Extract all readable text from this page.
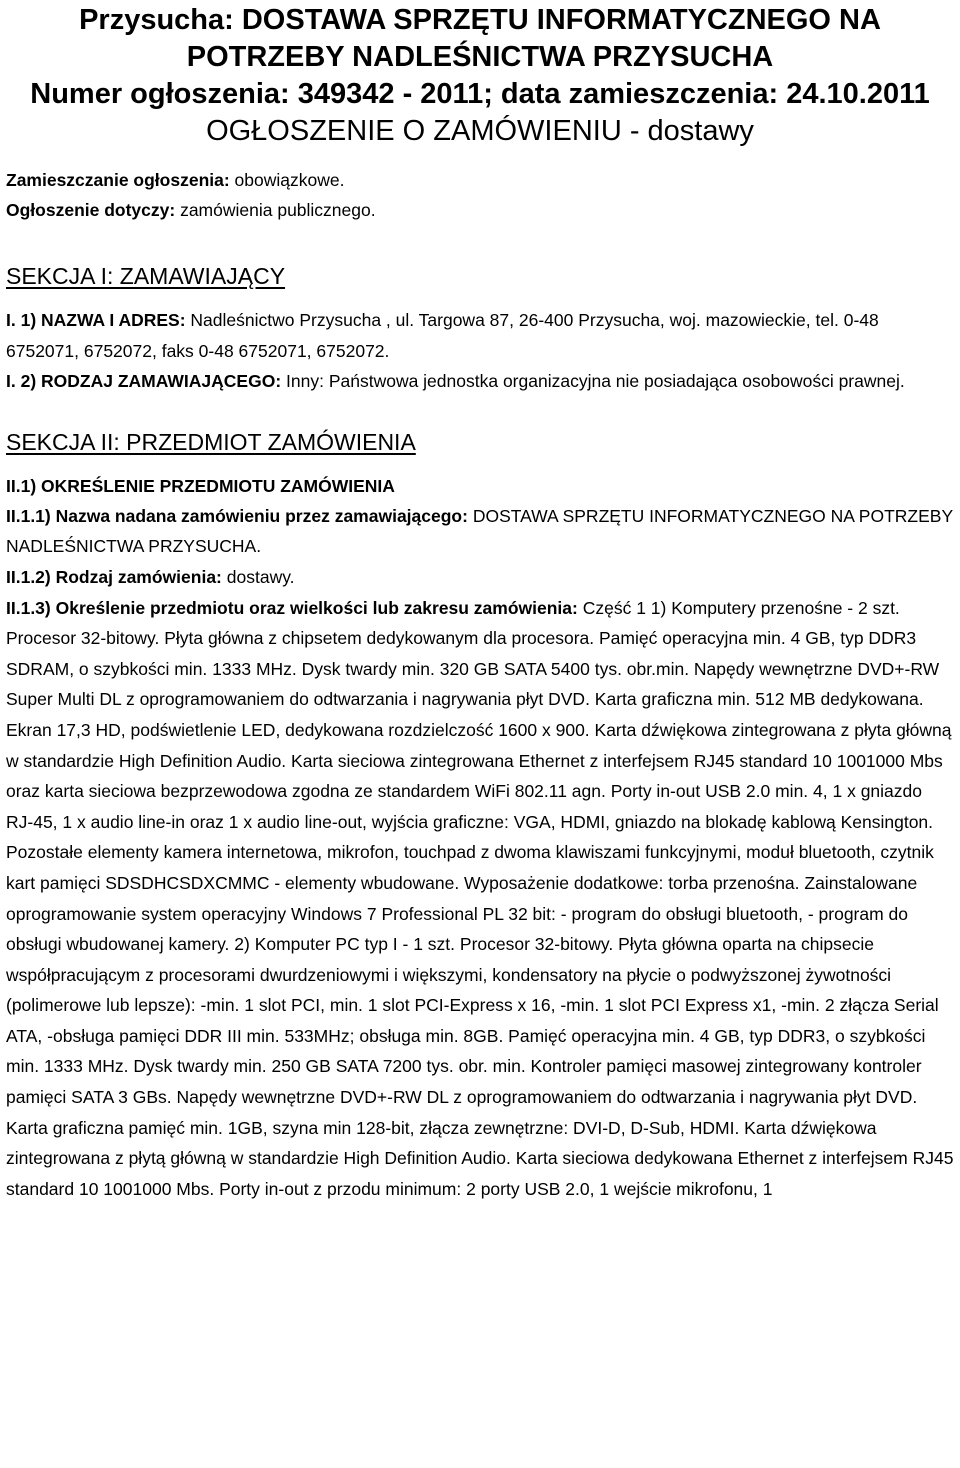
Przysucha: DOSTAWA SPRZĘTU INFORMATYCZNEGO NA

POTRZEBY NADLEŚNICTWA PRZYSUCHA

Numer ogłoszenia: 349342 - 2011; data zamieszczenia: 24.10.2011

OGŁOSZENIE O ZAMÓWIENIU - dostawy

Zamieszczanie ogłoszenia: obowiązkowe.

Ogłoszenie dotyczy: zamówienia publicznego.

SEKCJA I: ZAMAWIAJĄCY

I. 1) NAZWA I ADRES: Nadleśnictwo Przysucha , ul. Targowa 87, 26-400 Przysucha, woj. mazowieckie, tel. 0-48 6752071, 6752072, faks 0-48 6752071, 6752072.

I. 2) RODZAJ ZAMAWIAJĄCEGO: Inny: Państwowa jednostka organizacyjna nie posiadająca osobowości prawnej.

SEKCJA II: PRZEDMIOT ZAMÓWIENIA

II.1) OKREŚLENIE PRZEDMIOTU ZAMÓWIENIA

II.1.1) Nazwa nadana zamówieniu przez zamawiającego: DOSTAWA SPRZĘTU INFORMATYCZNEGO NA POTRZEBY NADLEŚNICTWA PRZYSUCHA.

II.1.2) Rodzaj zamówienia: dostawy.

II.1.3) Określenie przedmiotu oraz wielkości lub zakresu zamówienia: Część 1 1) Komputery przenośne - 2 szt. Procesor 32-bitowy. Płyta główna z chipsetem dedykowanym dla procesora. Pamięć operacyjna min. 4 GB, typ DDR3 SDRAM, o szybkości min. 1333 MHz. Dysk twardy min. 320 GB SATA 5400 tys. obr.min. Napędy wewnętrzne DVD+-RW Super Multi DL z oprogramowaniem do odtwarzania i nagrywania płyt DVD. Karta graficzna min. 512 MB dedykowana. Ekran 17,3 HD, podświetlenie LED, dedykowana rozdzielczość 1600 x 900. Karta dźwiękowa zintegrowana z płyta główną w standardzie High Definition Audio. Karta sieciowa zintegrowana Ethernet z interfejsem RJ45 standard 10 1001000 Mbs oraz karta sieciowa bezprzewodowa zgodna ze standardem WiFi 802.11 agn. Porty in-out USB 2.0 min. 4, 1 x gniazdo RJ-45, 1 x audio line-in oraz 1 x audio line-out, wyjścia graficzne: VGA, HDMI, gniazdo na blokadę kablową Kensington. Pozostałe elementy kamera internetowa, mikrofon, touchpad z dwoma klawiszami funkcyjnymi, moduł bluetooth, czytnik kart pamięci SDSDHCSDXCMMC - elementy wbudowane. Wyposażenie dodatkowe: torba przenośna. Zainstalowane oprogramowanie system operacyjny Windows 7 Professional PL 32 bit: - program do obsługi bluetooth, - program do obsługi wbudowanej kamery. 2) Komputer PC typ I - 1 szt. Procesor 32-bitowy. Płyta główna oparta na chipsecie współpracującym z procesorami dwurdzeniowymi i większymi, kondensatory na płycie o podwyższonej żywotności (polimerowe lub lepsze): -min. 1 slot PCI, min. 1 slot PCI-Express x 16, -min. 1 slot PCI Express x1, -min. 2 złącza Serial ATA, -obsługa pamięci DDR III min. 533MHz; obsługa min. 8GB. Pamięć operacyjna min. 4 GB, typ DDR3, o szybkości min. 1333 MHz. Dysk twardy min. 250 GB SATA 7200 tys. obr. min. Kontroler pamięci masowej zintegrowany kontroler pamięci SATA 3 GBs. Napędy wewnętrzne DVD+-RW DL z oprogramowaniem do odtwarzania i nagrywania płyt DVD. Karta graficzna pamięć min. 1GB, szyna min 128-bit, złącza zewnętrzne: DVI-D, D-Sub, HDMI. Karta dźwiękowa zintegrowana z płytą główną w standardzie High Definition Audio. Karta sieciowa dedykowana Ethernet z interfejsem RJ45 standard 10 1001000 Mbs. Porty in-out z przodu minimum: 2 porty USB 2.0, 1 wejście mikrofonu, 1
